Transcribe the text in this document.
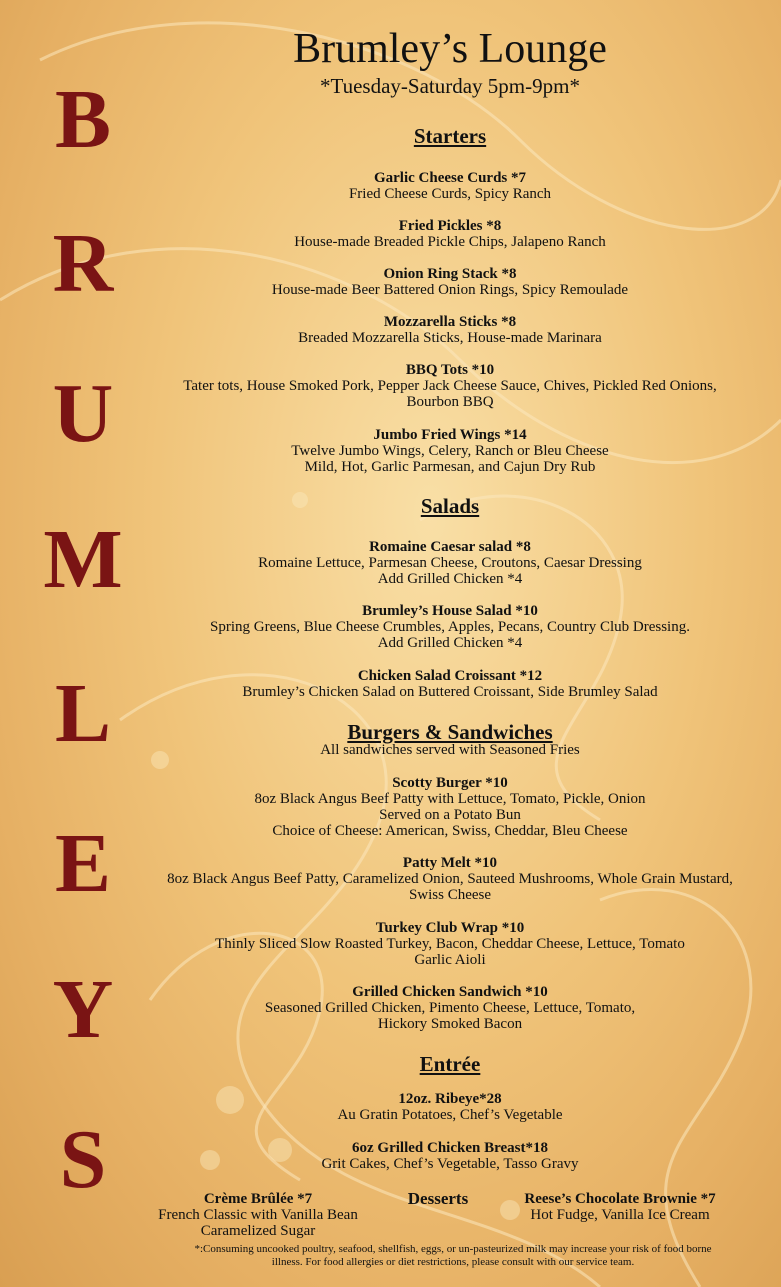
B
R
U
M
L
E
Y
S
Brumley’s Lounge
*Tuesday-Saturday 5pm-9pm*
Starters
Garlic Cheese Curds *7
Fried Cheese Curds, Spicy Ranch
Fried Pickles *8
House-made Breaded Pickle Chips, Jalapeno Ranch
Onion Ring Stack *8
House-made Beer Battered Onion Rings, Spicy Remoulade
Mozzarella Sticks *8
Breaded Mozzarella Sticks, House-made Marinara
BBQ Tots *10
Tater tots, House Smoked Pork, Pepper Jack Cheese Sauce, Chives, Pickled Red Onions,
Bourbon BBQ
Jumbo Fried Wings *14
Twelve Jumbo Wings, Celery, Ranch or Bleu Cheese
Mild, Hot, Garlic Parmesan, and Cajun Dry Rub
Salads
Romaine Caesar salad *8
Romaine Lettuce, Parmesan Cheese, Croutons, Caesar Dressing
Add Grilled Chicken *4
Brumley’s House Salad *10
Spring Greens, Blue Cheese Crumbles, Apples, Pecans, Country Club Dressing.
Add Grilled Chicken *4
Chicken Salad Croissant *12
Brumley’s Chicken Salad on Buttered Croissant, Side Brumley Salad
Burgers & Sandwiches
All sandwiches served with Seasoned Fries
Scotty Burger *10
8oz Black Angus Beef Patty with Lettuce, Tomato, Pickle, Onion
Served on a Potato Bun
Choice of Cheese: American, Swiss, Cheddar, Bleu Cheese
Patty Melt *10
8oz Black Angus Beef Patty, Caramelized Onion, Sauteed Mushrooms, Whole Grain Mustard,
Swiss Cheese
Turkey Club Wrap *10
Thinly Sliced Slow Roasted Turkey, Bacon, Cheddar Cheese, Lettuce, Tomato
Garlic Aioli
Grilled Chicken Sandwich *10
Seasoned Grilled Chicken, Pimento Cheese, Lettuce, Tomato,
Hickory Smoked Bacon
Entrée
12oz. Ribeye*28
Au Gratin Potatoes, Chef’s Vegetable
6oz Grilled Chicken Breast*18
Grit Cakes, Chef’s Vegetable, Tasso Gravy
Crème Brûlée *7
French Classic with Vanilla Bean
Caramelized Sugar
Desserts	Reese’s Chocolate Brownie *7
Hot Fudge, Vanilla Ice Cream
*:Consuming uncooked poultry, seafood, shellfish, eggs, or un-pasteurized milk may increase your risk of food borne
illness. For food allergies or diet restrictions, please consult with our service team.
